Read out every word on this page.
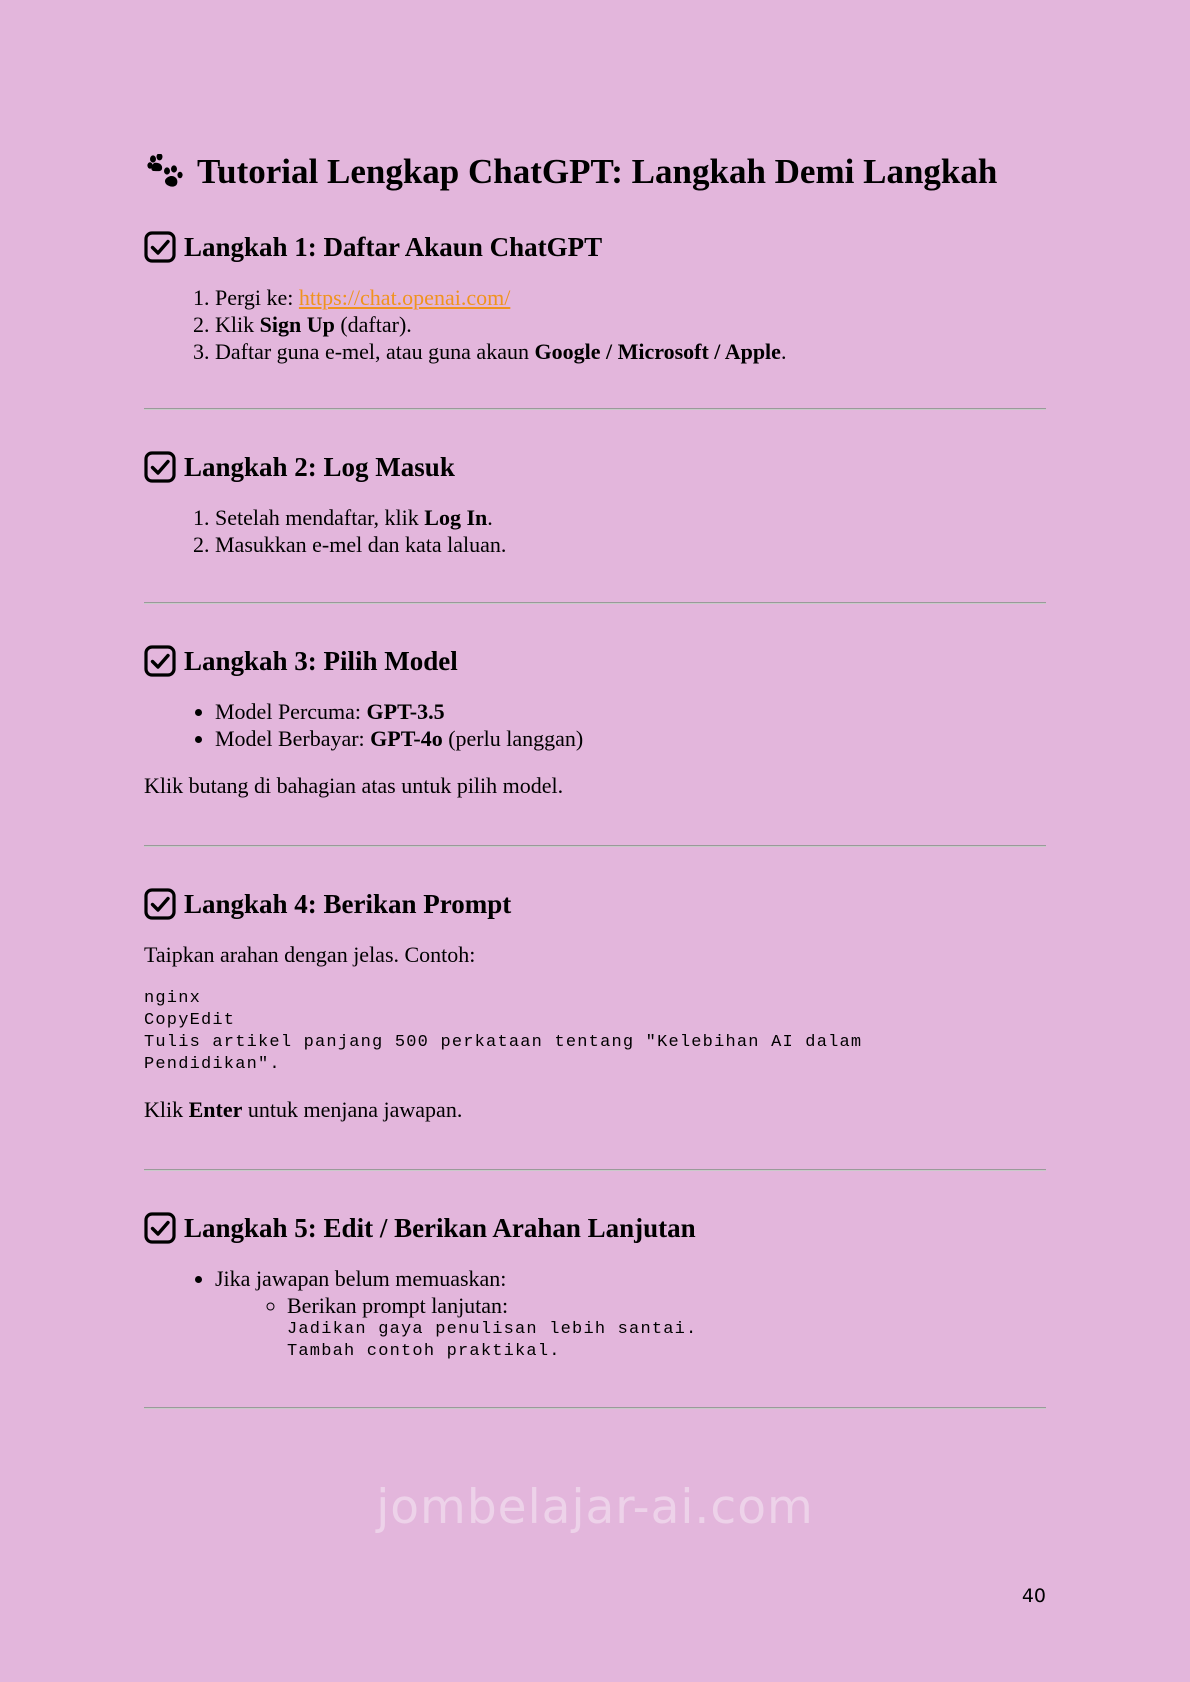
Tutorial Lengkap ChatGPT: Langkah Demi Langkah
Langkah 1: Daftar Akaun ChatGPT
1. Pergi ke: https://chat.openai.com/
2. Klik Sign Up (daftar).
3. Daftar guna e-mel, atau guna akaun Google / Microsoft / Apple.
Langkah 2: Log Masuk
1. Setelah mendaftar, klik Log In.
2. Masukkan e-mel dan kata laluan.
Langkah 3: Pilih Model
• Model Percuma: GPT-3.5
• Model Berbayar: GPT-4o (perlu langgan)

Klik butang di bahagian atas untuk pilih model.

Langkah 4: Berikan Prompt

Taipkan arahan dengan jelas. Contoh:

nginx
CopyEdit
Tulis artikel panjang 500 perkataan tentang "Kelebihan AI dalam
Pendidikan".

Klik Enter untuk menjana jawapan.

Langkah 5: Edit / Berikan Arahan Lanjutan
• Jika jawapan belum memuaskan:
◦ Berikan prompt lanjutan:
Jadikan gaya penulisan lebih santai.
Tambah contoh praktikal.
jombelajar-ai.com
40
